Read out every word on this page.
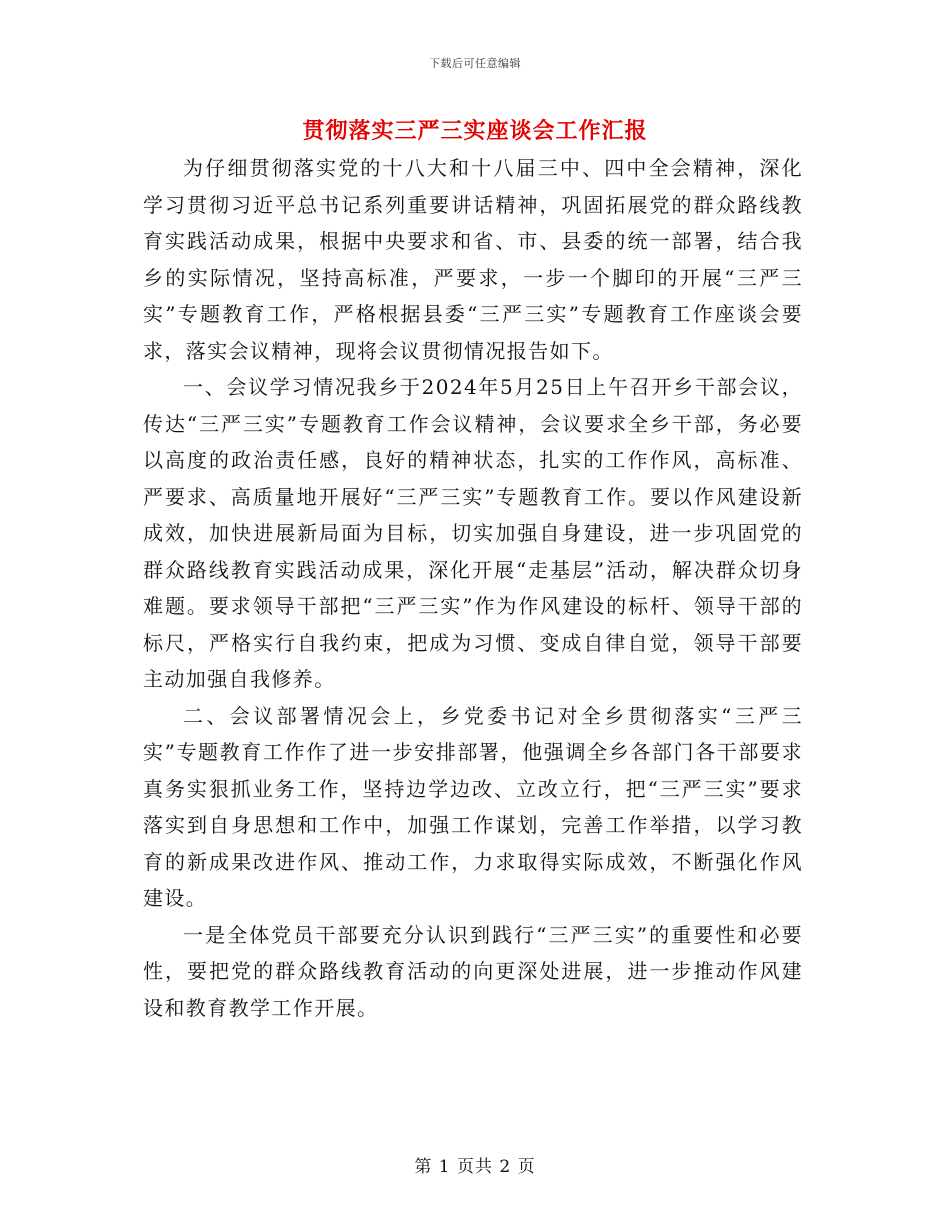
下载后可任意编辑
贯彻落实三严三实座谈会工作汇报

为仔细贯彻落实党的十八大和十八届三中、四中全会精神，深化学习贯彻习近平总书记系列重要讲话精神，巩固拓展党的群众路线教育实践活动成果，根据中央要求和省、市、县委的统一部署，结合我乡的实际情况，坚持高标准，严要求，一步一个脚印的开展“三严三实”专题教育工作，严格根据县委“三严三实”专题教育工作座谈会要求，落实会议精神，现将会议贯彻情况报告如下。

一、会议学习情况我乡于2024年5月25日上午召开乡干部会议，传达“三严三实”专题教育工作会议精神，会议要求全乡干部，务必要以高度的政治责任感，良好的精神状态，扎实的工作作风，高标准、严要求、高质量地开展好“三严三实”专题教育工作。要以作风建设新成效，加快进展新局面为目标，切实加强自身建设，进一步巩固党的群众路线教育实践活动成果，深化开展“走基层”活动，解决群众切身难题。要求领导干部把“三严三实”作为作风建设的标杆、领导干部的标尺，严格实行自我约束，把成为习惯、变成自律自觉，领导干部要主动加强自我修养。

二、会议部署情况会上，乡党委书记对全乡贯彻落实“三严三实”专题教育工作作了进一步安排部署，他强调全乡各部门各干部要求真务实狠抓业务工作，坚持边学边改、立改立行，把“三严三实”要求落实到自身思想和工作中，加强工作谋划，完善工作举措，以学习教育的新成果改进作风、推动工作，力求取得实际成效，不断强化作风建设。

一是全体党员干部要充分认识到践行“三严三实”的重要性和必要性，要把党的群众路线教育活动的向更深处进展，进一步推动作风建设和教育教学工作开展。

第 1 页共 2 页
